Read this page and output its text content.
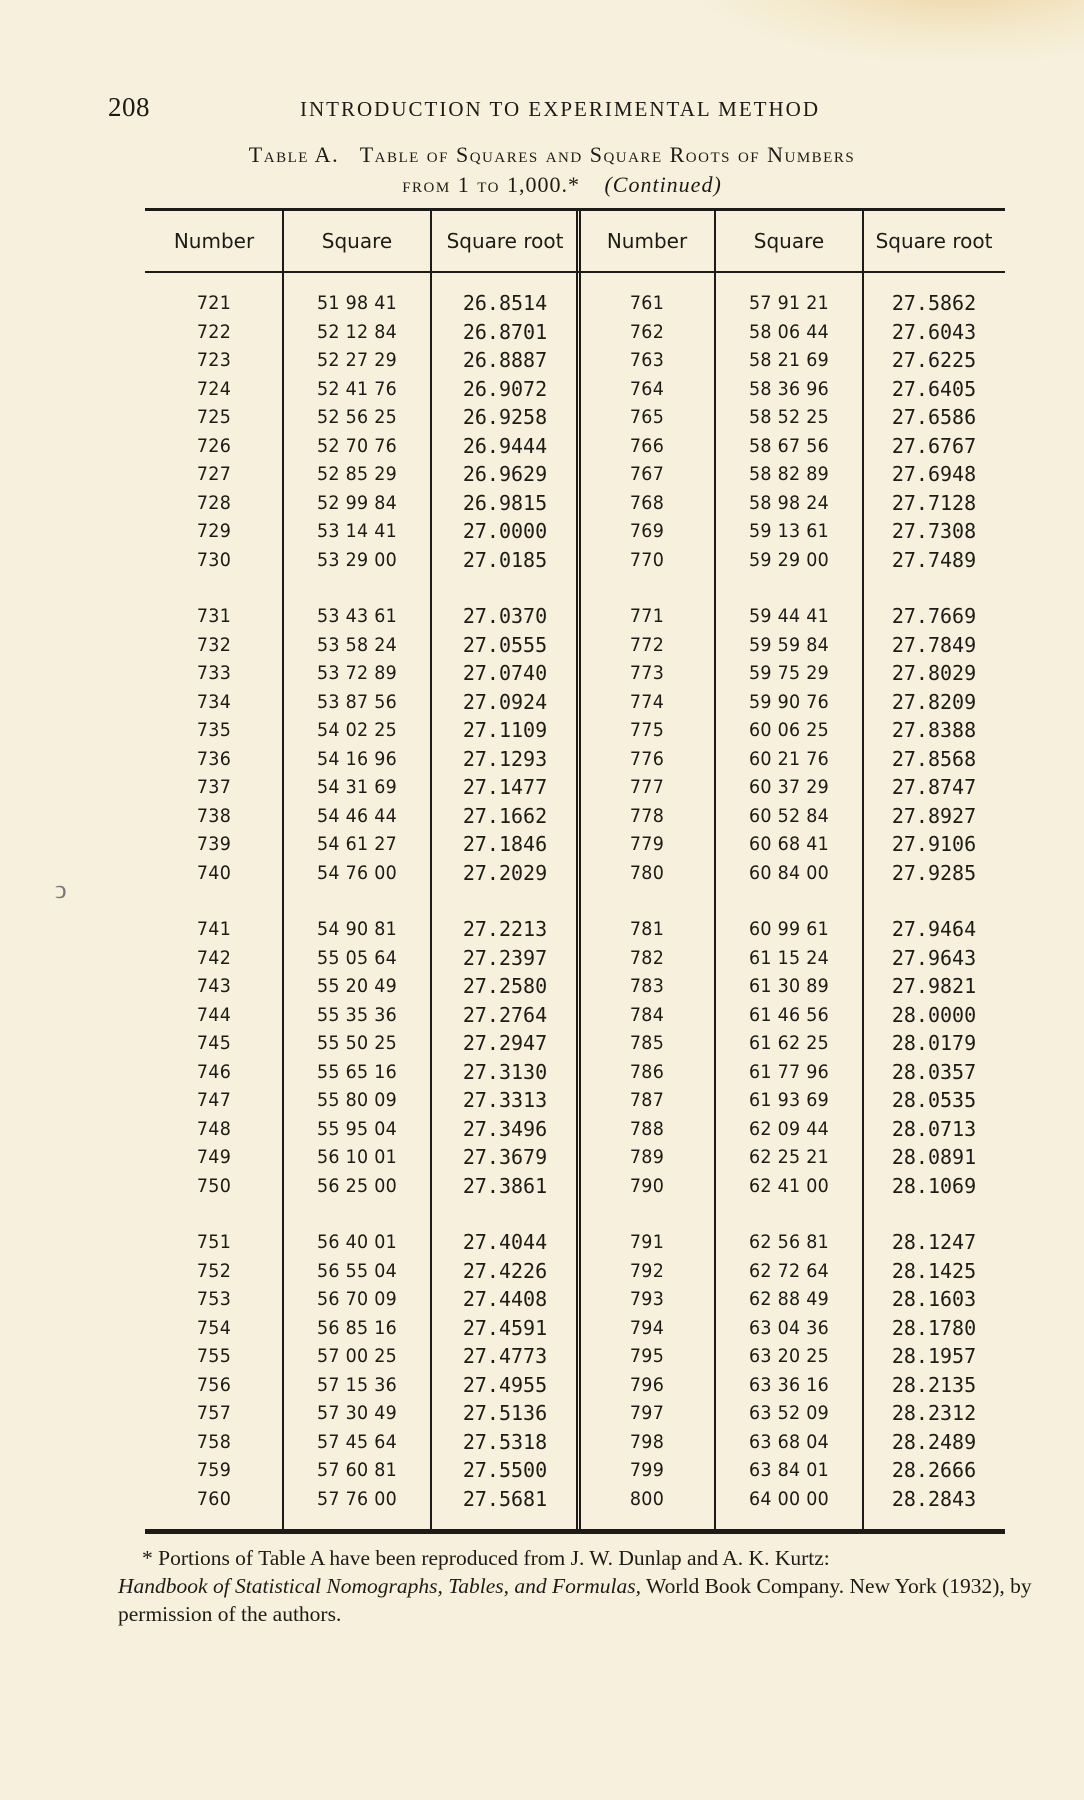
208	INTRODUCTION TO EXPERIMENTAL METHOD
Table A. Table of Squares and Square Roots of Numbers
from 1 to 1,000.* (Continued)
Number	Square	Square root	Number	Square	Square root
721	51 98 41	26.8514	761	57 91 21	27.5862
722	52 12 84	26.8701	762	58 06 44	27.6043
723	52 27 29	26.8887	763	58 21 69	27.6225
724	52 41 76	26.9072	764	58 36 96	27.6405
725	52 56 25	26.9258	765	58 52 25	27.6586
726	52 70 76	26.9444	766	58 67 56	27.6767
727	52 85 29	26.9629	767	58 82 89	27.6948
728	52 99 84	26.9815	768	58 98 24	27.7128
729	53 14 41	27.0000	769	59 13 61	27.7308
730	53 29 00	27.0185	770	59 29 00	27.7489
731	53 43 61	27.0370	771	59 44 41	27.7669
732	53 58 24	27.0555	772	59 59 84	27.7849
733	53 72 89	27.0740	773	59 75 29	27.8029
734	53 87 56	27.0924	774	59 90 76	27.8209
735	54 02 25	27.1109	775	60 06 25	27.8388
736	54 16 96	27.1293	776	60 21 76	27.8568
737	54 31 69	27.1477	777	60 37 29	27.8747
738	54 46 44	27.1662	778	60 52 84	27.8927
739	54 61 27	27.1846	779	60 68 41	27.9106
740	54 76 00	27.2029	780	60 84 00	27.9285
741	54 90 81	27.2213	781	60 99 61	27.9464
742	55 05 64	27.2397	782	61 15 24	27.9643
743	55 20 49	27.2580	783	61 30 89	27.9821
744	55 35 36	27.2764	784	61 46 56	28.0000
745	55 50 25	27.2947	785	61 62 25	28.0179
746	55 65 16	27.3130	786	61 77 96	28.0357
747	55 80 09	27.3313	787	61 93 69	28.0535
748	55 95 04	27.3496	788	62 09 44	28.0713
749	56 10 01	27.3679	789	62 25 21	28.0891
750	56 25 00	27.3861	790	62 41 00	28.1069
751	56 40 01	27.4044	791	62 56 81	28.1247
752	56 55 04	27.4226	792	62 72 64	28.1425
753	56 70 09	27.4408	793	62 88 49	28.1603
754	56 85 16	27.4591	794	63 04 36	28.1780
755	57 00 25	27.4773	795	63 20 25	28.1957
756	57 15 36	27.4955	796	63 36 16	28.2135
757	57 30 49	27.5136	797	63 52 09	28.2312
758	57 45 64	27.5318	798	63 68 04	28.2489
759	57 60 81	27.5500	799	63 84 01	28.2666
760	57 76 00	27.5681	800	64 00 00	28.2843
ↄ
* Portions of Table A have been reproduced from J. W. Dunlap and A. K. Kurtz:
Handbook of Statistical Nomographs, Tables, and Formulas, World Book Company. New York (1932), by permission of the authors.
